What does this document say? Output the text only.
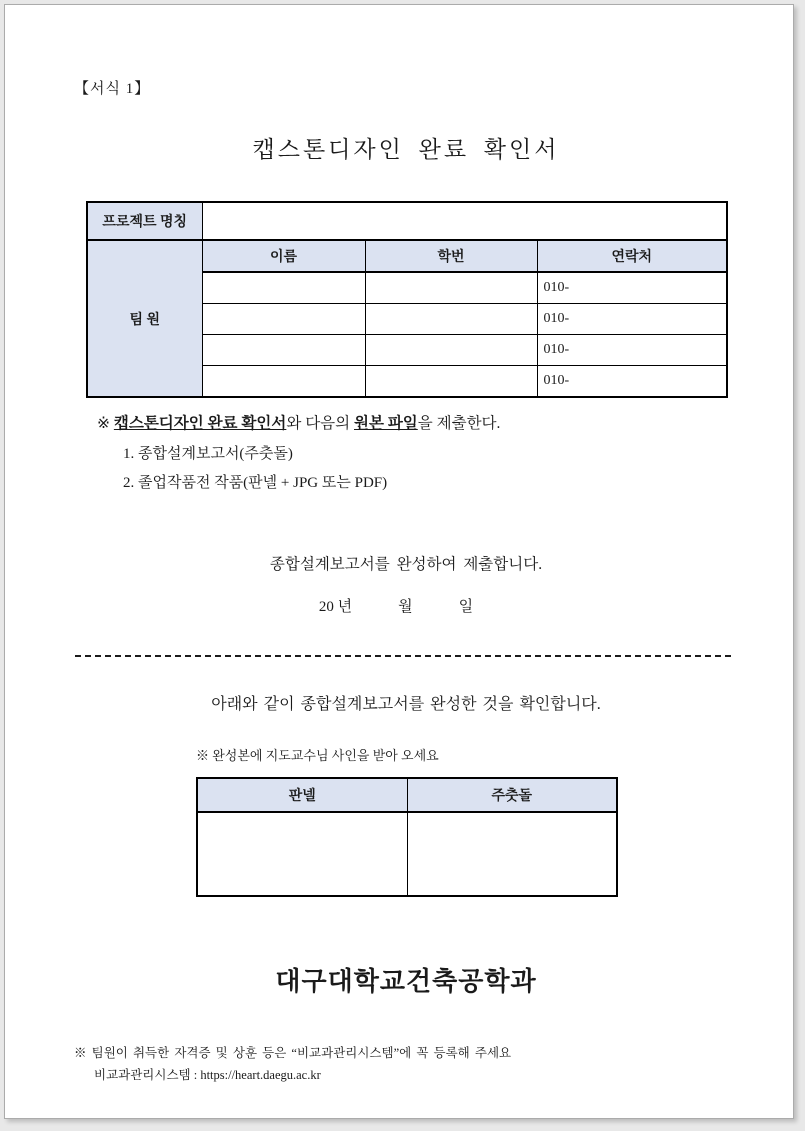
【서식 1】
캡스톤디자인 완료 확인서
프로젝트 명칭			
팀 원	이름	학번	연락처
			010-
			010-
			010-
			010-
※ 캡스톤디자인 완료 확인서와 다음의 원본 파일을 제출한다.
1. 종합설계보고서(주춧돌)
2. 졸업작품전 작품(판넬 + JPG 또는 PDF)
종합설계보고서를 완성하여 제출합니다.
20 년	월	일
아래와 같이 종합설계보고서를 완성한 것을 확인합니다.
※ 완성본에 지도교수님 사인을 받아 오세요
판넬	주춧돌

대구대학교건축공학과
※ 팀원이 취득한 자격증 및 상훈 등은 “비교과관리시스템”에 꼭 등록해 주세요
비교과관리시스템 : https://heart.daegu.ac.kr
